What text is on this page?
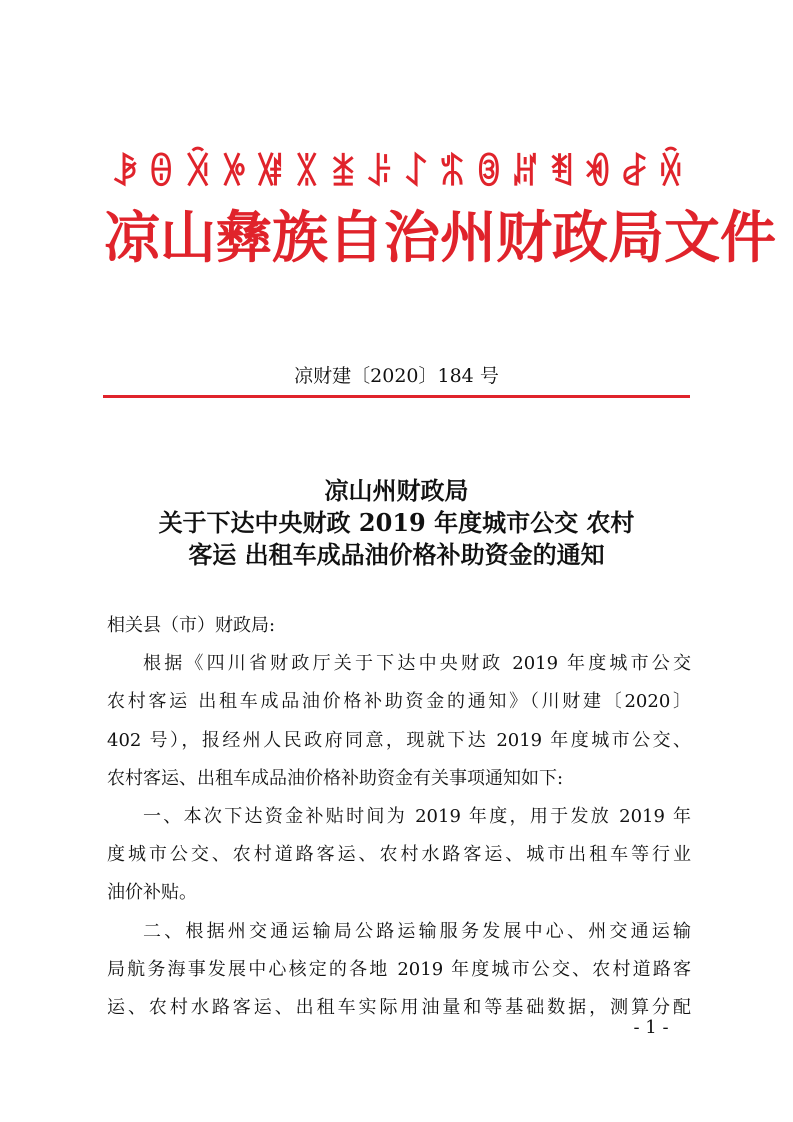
ꆃ ꎔ ꋋ ꉼ ꑤ ꇓ ꁧ ꌠ ꋍ ꍍ ꋂ ꏦ ꄮ ꏓ ꆀ ꏽ
凉山彝族自治州财政局文件
凉财建〔2020〕184 号
凉山州财政局
关于下达中央财政 2019 年度城市公交 农村
客运 出租车成品油价格补助资金的通知
相关县（市）财政局:
根据《四川省财政厅关于下达中央财政 2019 年度城市公交
农村客运 出租车成品油价格补助资金的通知》（川财建〔2020〕
402 号），报经州人民政府同意，现就下达 2019 年度城市公交、
农村客运、出租车成品油价格补助资金有关事项通知如下:
一、本次下达资金补贴时间为 2019 年度，用于发放 2019 年
度城市公交、农村道路客运、农村水路客运、城市出租车等行业
油价补贴。
二、根据州交通运输局公路运输服务发展中心、州交通运输
局航务海事发展中心核定的各地 2019 年度城市公交、农村道路客
运、农村水路客运、出租车实际用油量和等基础数据，测算分配
- 1 -
